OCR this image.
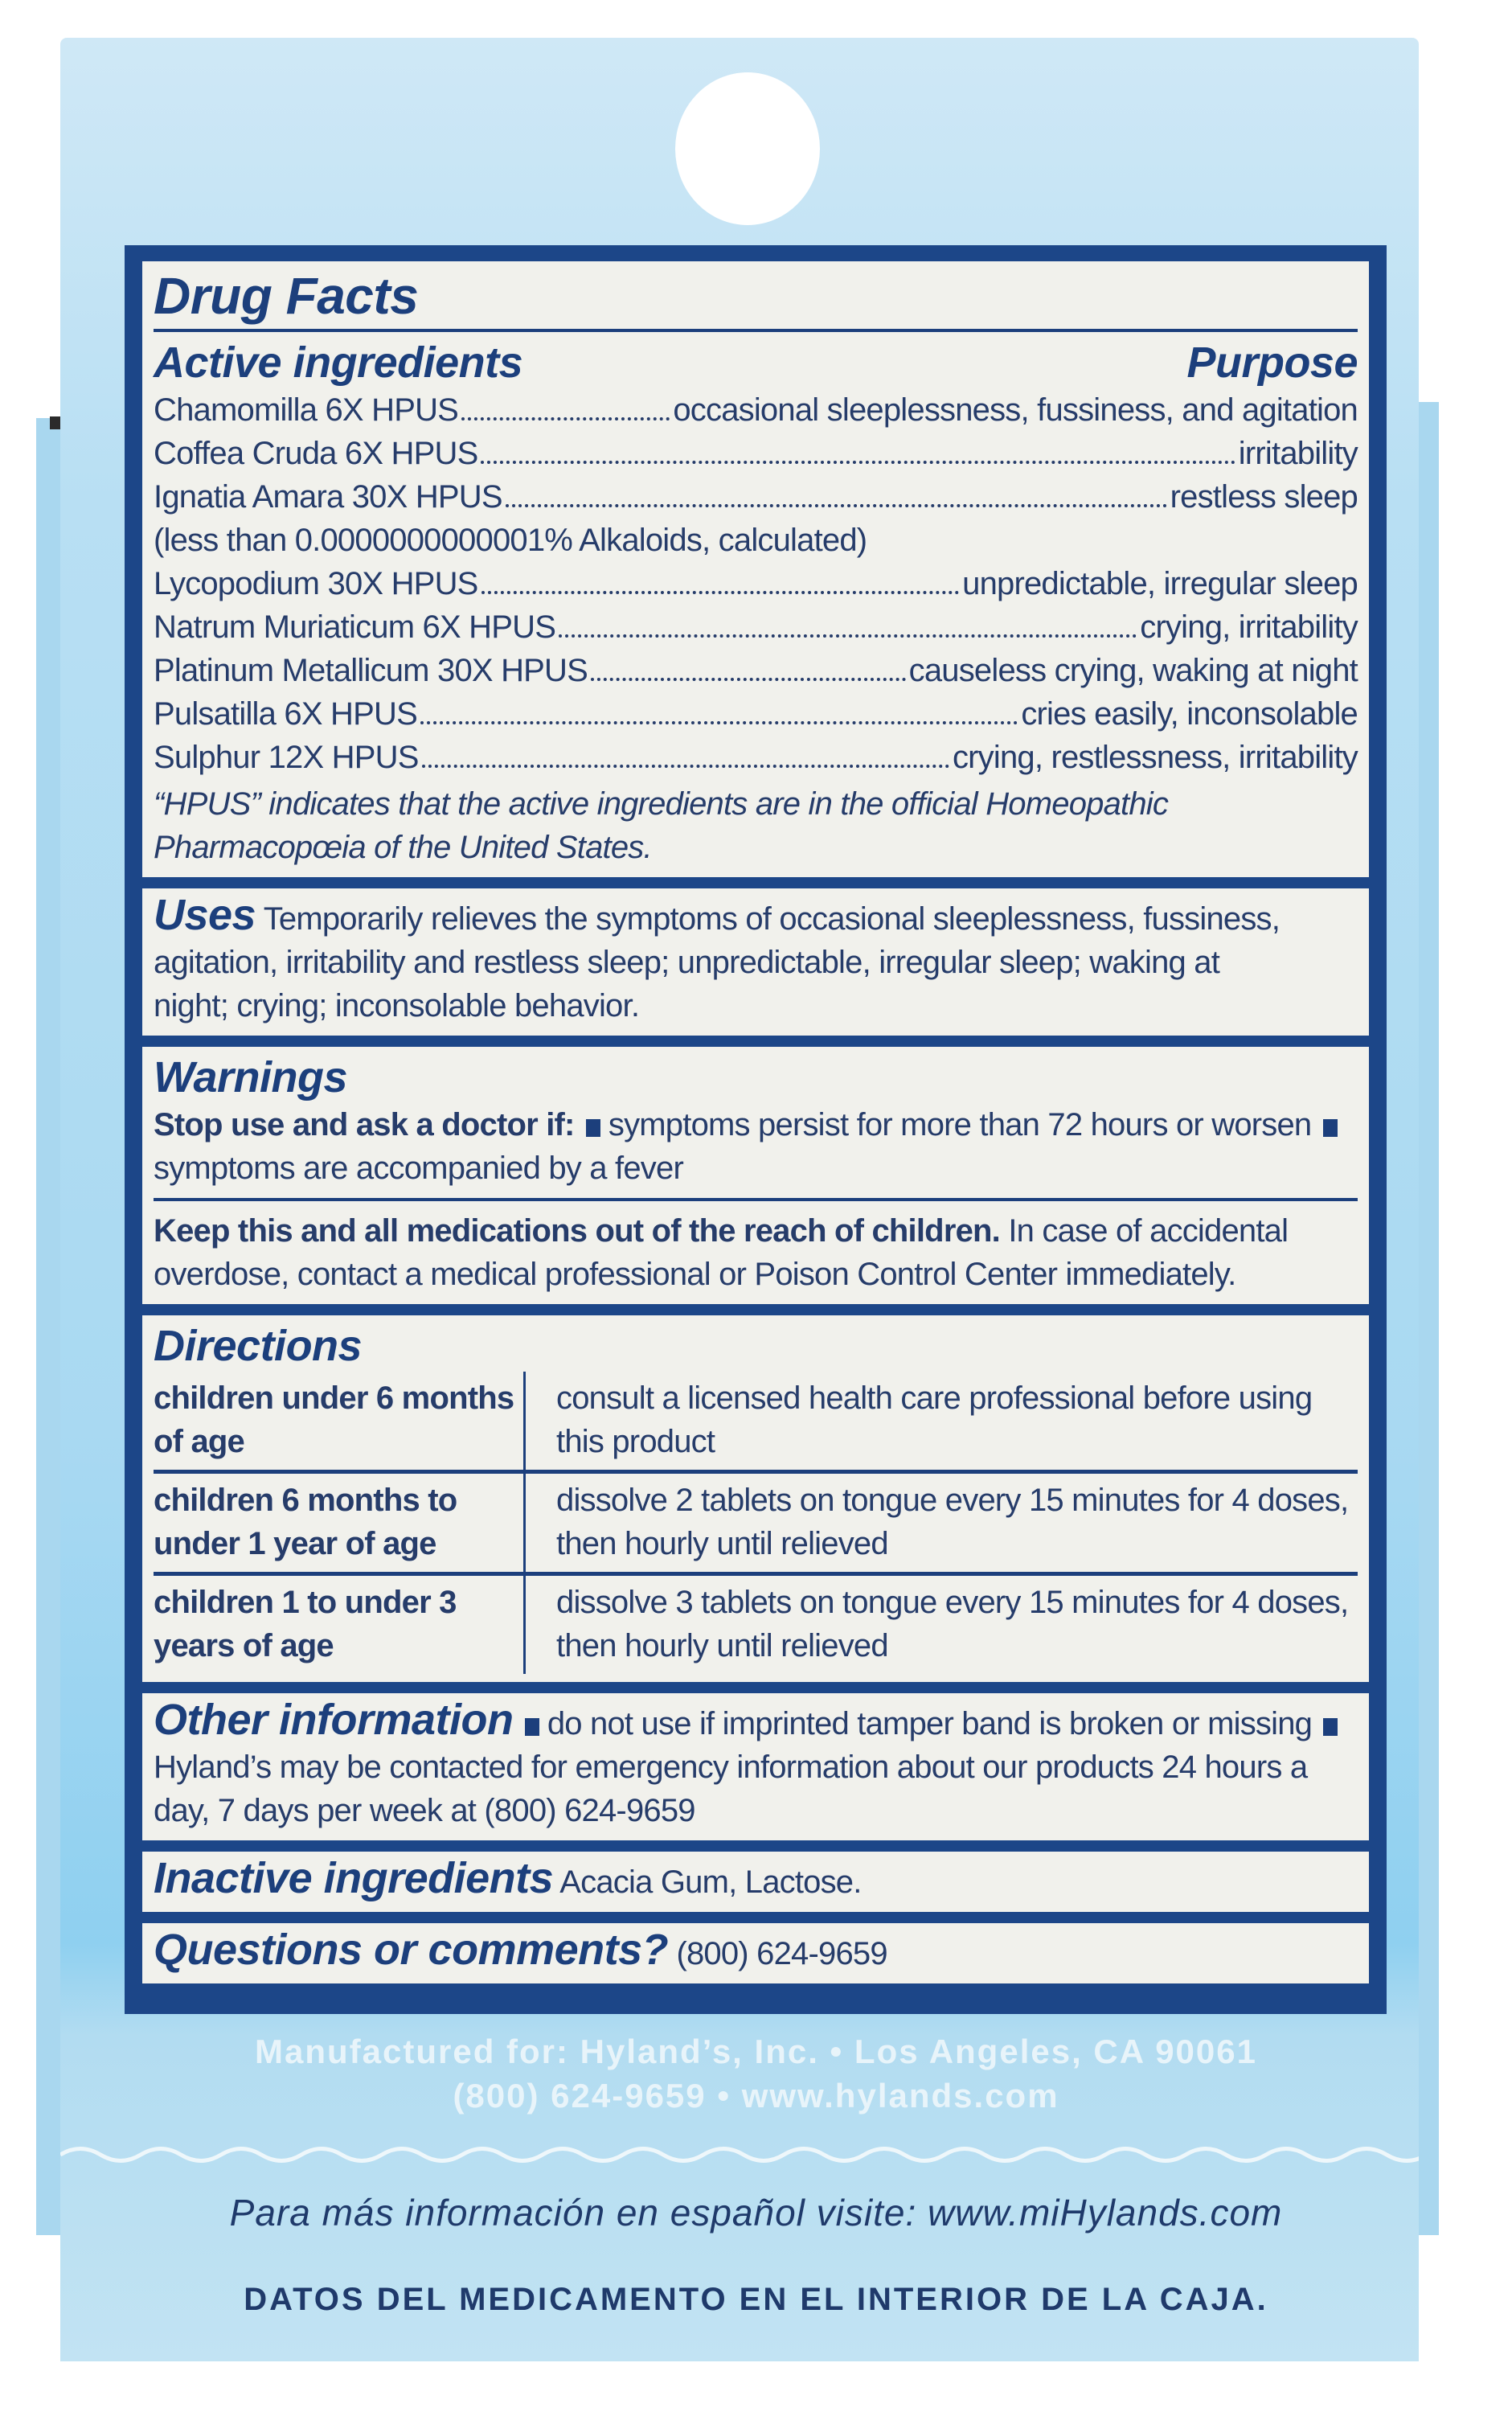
Drug Facts
Active ingredients	Purpose
Chamomilla 6X HPUS	occasional sleeplessness, fussiness, and agitation
Coffea Cruda 6X HPUS	irritability
Ignatia Amara 30X HPUS	restless sleep
(less than 0.0000000000001% Alkaloids, calculated)
Lycopodium 30X HPUS	unpredictable, irregular sleep
Natrum Muriaticum 6X HPUS	crying, irritability
Platinum Metallicum 30X HPUS	causeless crying, waking at night
Pulsatilla 6X HPUS	cries easily, inconsolable
Sulphur 12X HPUS	crying, restlessness, irritability
“HPUS” indicates that the active ingredients are in the official Homeopathic Pharmacopœia of the United States.
Uses Temporarily relieves the symptoms of occasional sleeplessness, fussiness, agitation, irritability and restless sleep; unpredictable, irregular sleep; waking at night; crying; inconsolable behavior.
Warnings
Stop use and ask a doctor if: symptoms persist for more than 72 hours or worsen symptoms are accompanied by a fever
Keep this and all medications out of the reach of children. In case of accidental overdose, contact a medical professional or Poison Control Center immediately.
Directions
children under 6 months of age	consult a licensed health care professional before using this product
children 6 months to under 1 year of age	dissolve 2 tablets on tongue every 15 minutes for 4 doses, then hourly until relieved
children 1 to under 3 years of age	dissolve 3 tablets on tongue every 15 minutes for 4 doses, then hourly until relieved
Other information do not use if imprinted tamper band is broken or missing Hyland’s may be contacted for emergency information about our products 24 hours a day, 7 days per week at (800) 624-9659
Inactive ingredients Acacia Gum, Lactose.
Questions or comments? (800) 624-9659
Manufactured for: Hyland’s, Inc. • Los Angeles, CA 90061
(800) 624-9659 • www.hylands.com
Para más información en español visite: www.miHylands.com
DATOS DEL MEDICAMENTO EN EL INTERIOR DE LA CAJA.
